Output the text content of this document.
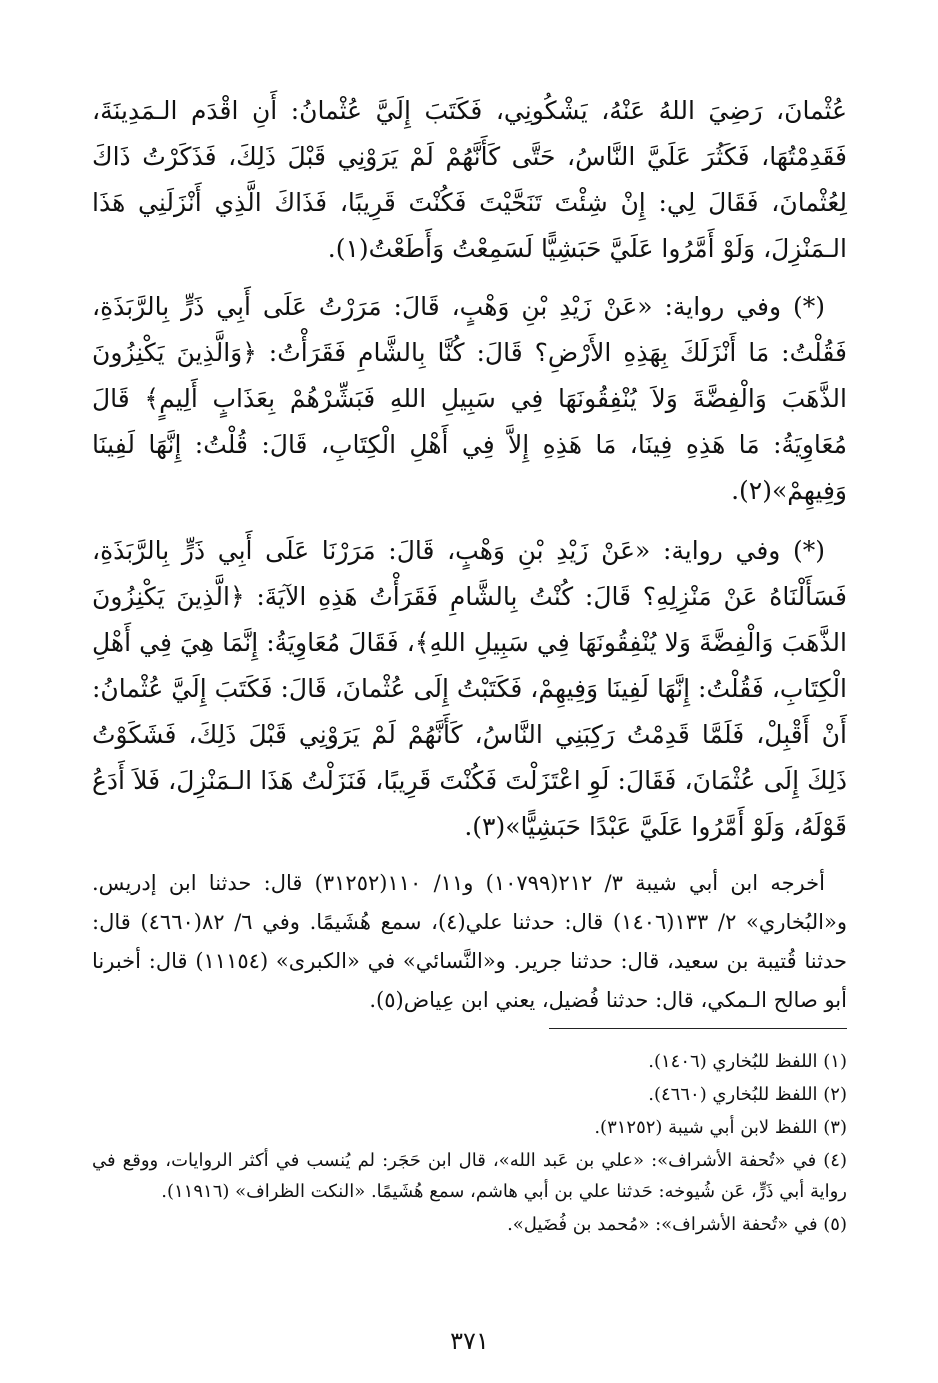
عُثْمانَ، رَضِيَ اللهُ عَنْهُ، يَشْكُونِي، فَكَتَبَ إِلَيَّ عُثْمانُ: أَنِ اقْدَم الـمَدِينَةَ، فَقَدِمْتُهَا، فَكَثُرَ عَلَيَّ النَّاسُ، حَتَّى كَأَنَّهُمْ لَمْ يَرَوْنِي قَبْلَ ذَلِكَ، فَذَكَرْتُ ذَاكَ لِعُثْمانَ، فَقَالَ لِي: إِنْ شِئْتَ تَنَحَّيْتَ فَكُنْتَ قَرِيبًا، فَذَاكَ الَّذِي أَنْزَلَنِي هَذَا الـمَنْزِلَ، وَلَوْ أَمَّرُوا عَلَيَّ حَبَشِيًّا لَسَمِعْتُ وَأَطَعْتُ(١).

(*) وفي رواية: «عَنْ زَيْدِ بْنِ وَهْبٍ، قَالَ: مَرَرْتُ عَلَى أَبِي ذَرٍّ بِالرَّبَذَةِ، فَقُلْتُ: مَا أَنْزَلَكَ بِهَذِهِ الأَرْضِ؟ قَالَ: كُنَّا بِالشَّامِ فَقَرَأْتُ: ﴿وَالَّذِينَ يَكْنِزُونَ الذَّهَبَ وَالْفِضَّةَ وَلاَ يُنْفِقُونَهَا فِي سَبِيلِ اللهِ فَبَشِّرْهُمْ بِعَذَابٍ أَلِيمٍ﴾ قَالَ مُعَاوِيَةُ: مَا هَذِهِ فِينَا، مَا هَذِهِ إِلاَّ فِي أَهْلِ الْكِتَابِ، قَالَ: قُلْتُ: إِنَّهَا لَفِينَا وَفِيهِمْ»(٢).

(*) وفي رواية: «عَنْ زَيْدِ بْنِ وَهْبٍ، قَالَ: مَرَرْنَا عَلَى أَبِي ذَرٍّ بِالرَّبَذَةِ، فَسَأَلْنَاهُ عَنْ مَنْزِلِهِ؟ قَالَ: كُنْتُ بِالشَّامِ فَقَرَأْتُ هَذِهِ الآيَةَ: ﴿الَّذِينَ يَكْنِزُونَ الذَّهَبَ وَالْفِضَّةَ وَلا يُنْفِقُونَهَا فِي سَبِيلِ اللهِ﴾، فَقَالَ مُعَاوِيَةُ: إِنَّمَا هِيَ فِي أَهْلِ الْكِتَابِ، فَقُلْتُ: إِنَّهَا لَفِينَا وَفِيهِمْ، فَكَتَبْتُ إِلَى عُثْمانَ، قَالَ: فَكَتَبَ إِلَيَّ عُثْمانُ: أَنْ أَقْبِلْ، فَلَمَّا قَدِمْتُ رَكِبَنِي النَّاسُ، كَأَنَّهُمْ لَمْ يَرَوْنِي قَبْلَ ذَلِكَ، فَشَكَوْتُ ذَلِكَ إِلَى عُثْمَانَ، فَقَالَ: لَوِ اعْتَزَلْتَ فَكُنْتَ قَرِيبًا، فَنَزَلْتُ هَذَا الـمَنْزِلَ، فَلاَ أَدَعُ قَوْلَهُ، وَلَوْ أَمَّرُوا عَلَيَّ عَبْدًا حَبَشِيًّا»(٣).

أخرجه ابن أبي شيبة ٣/ ٢١٢(١٠٧٩٩) و١١/ ١١٠(٣١٢٥٢) قال: حدثنا ابن إدريس. و«البُخاري» ٢/ ١٣٣(١٤٠٦) قال: حدثنا علي(٤)، سمع هُشَيمًا. وفي ٦/ ٨٢(٤٦٦٠) قال: حدثنا قُتيبة بن سعيد، قال: حدثنا جرير. و«النَّسائي» في «الكبرى» (١١١٥٤) قال: أخبرنا أبو صالح الـمكي، قال: حدثنا فُضيل، يعني ابن عِياض(٥).

(١) اللفظ للبُخاري (١٤٠٦).

(٢) اللفظ للبُخاري (٤٦٦٠).

(٣) اللفظ لابن أبي شيبة (٣١٢٥٢).

(٤) في «تُحفة الأشراف»: «علي بن عَبد الله»، قال ابن حَجَر: لم يُنسب في أكثر الروايات، ووقع في رواية أبي ذَرٍّ، عَن شُيوخه: حَدثنا علي بن أبي هاشم، سمع هُشَيمًا. «النكت الظراف» (١١٩١٦).

(٥) في «تُحفة الأشراف»: «مُحمد بن فُضَيل».

٣٧١
